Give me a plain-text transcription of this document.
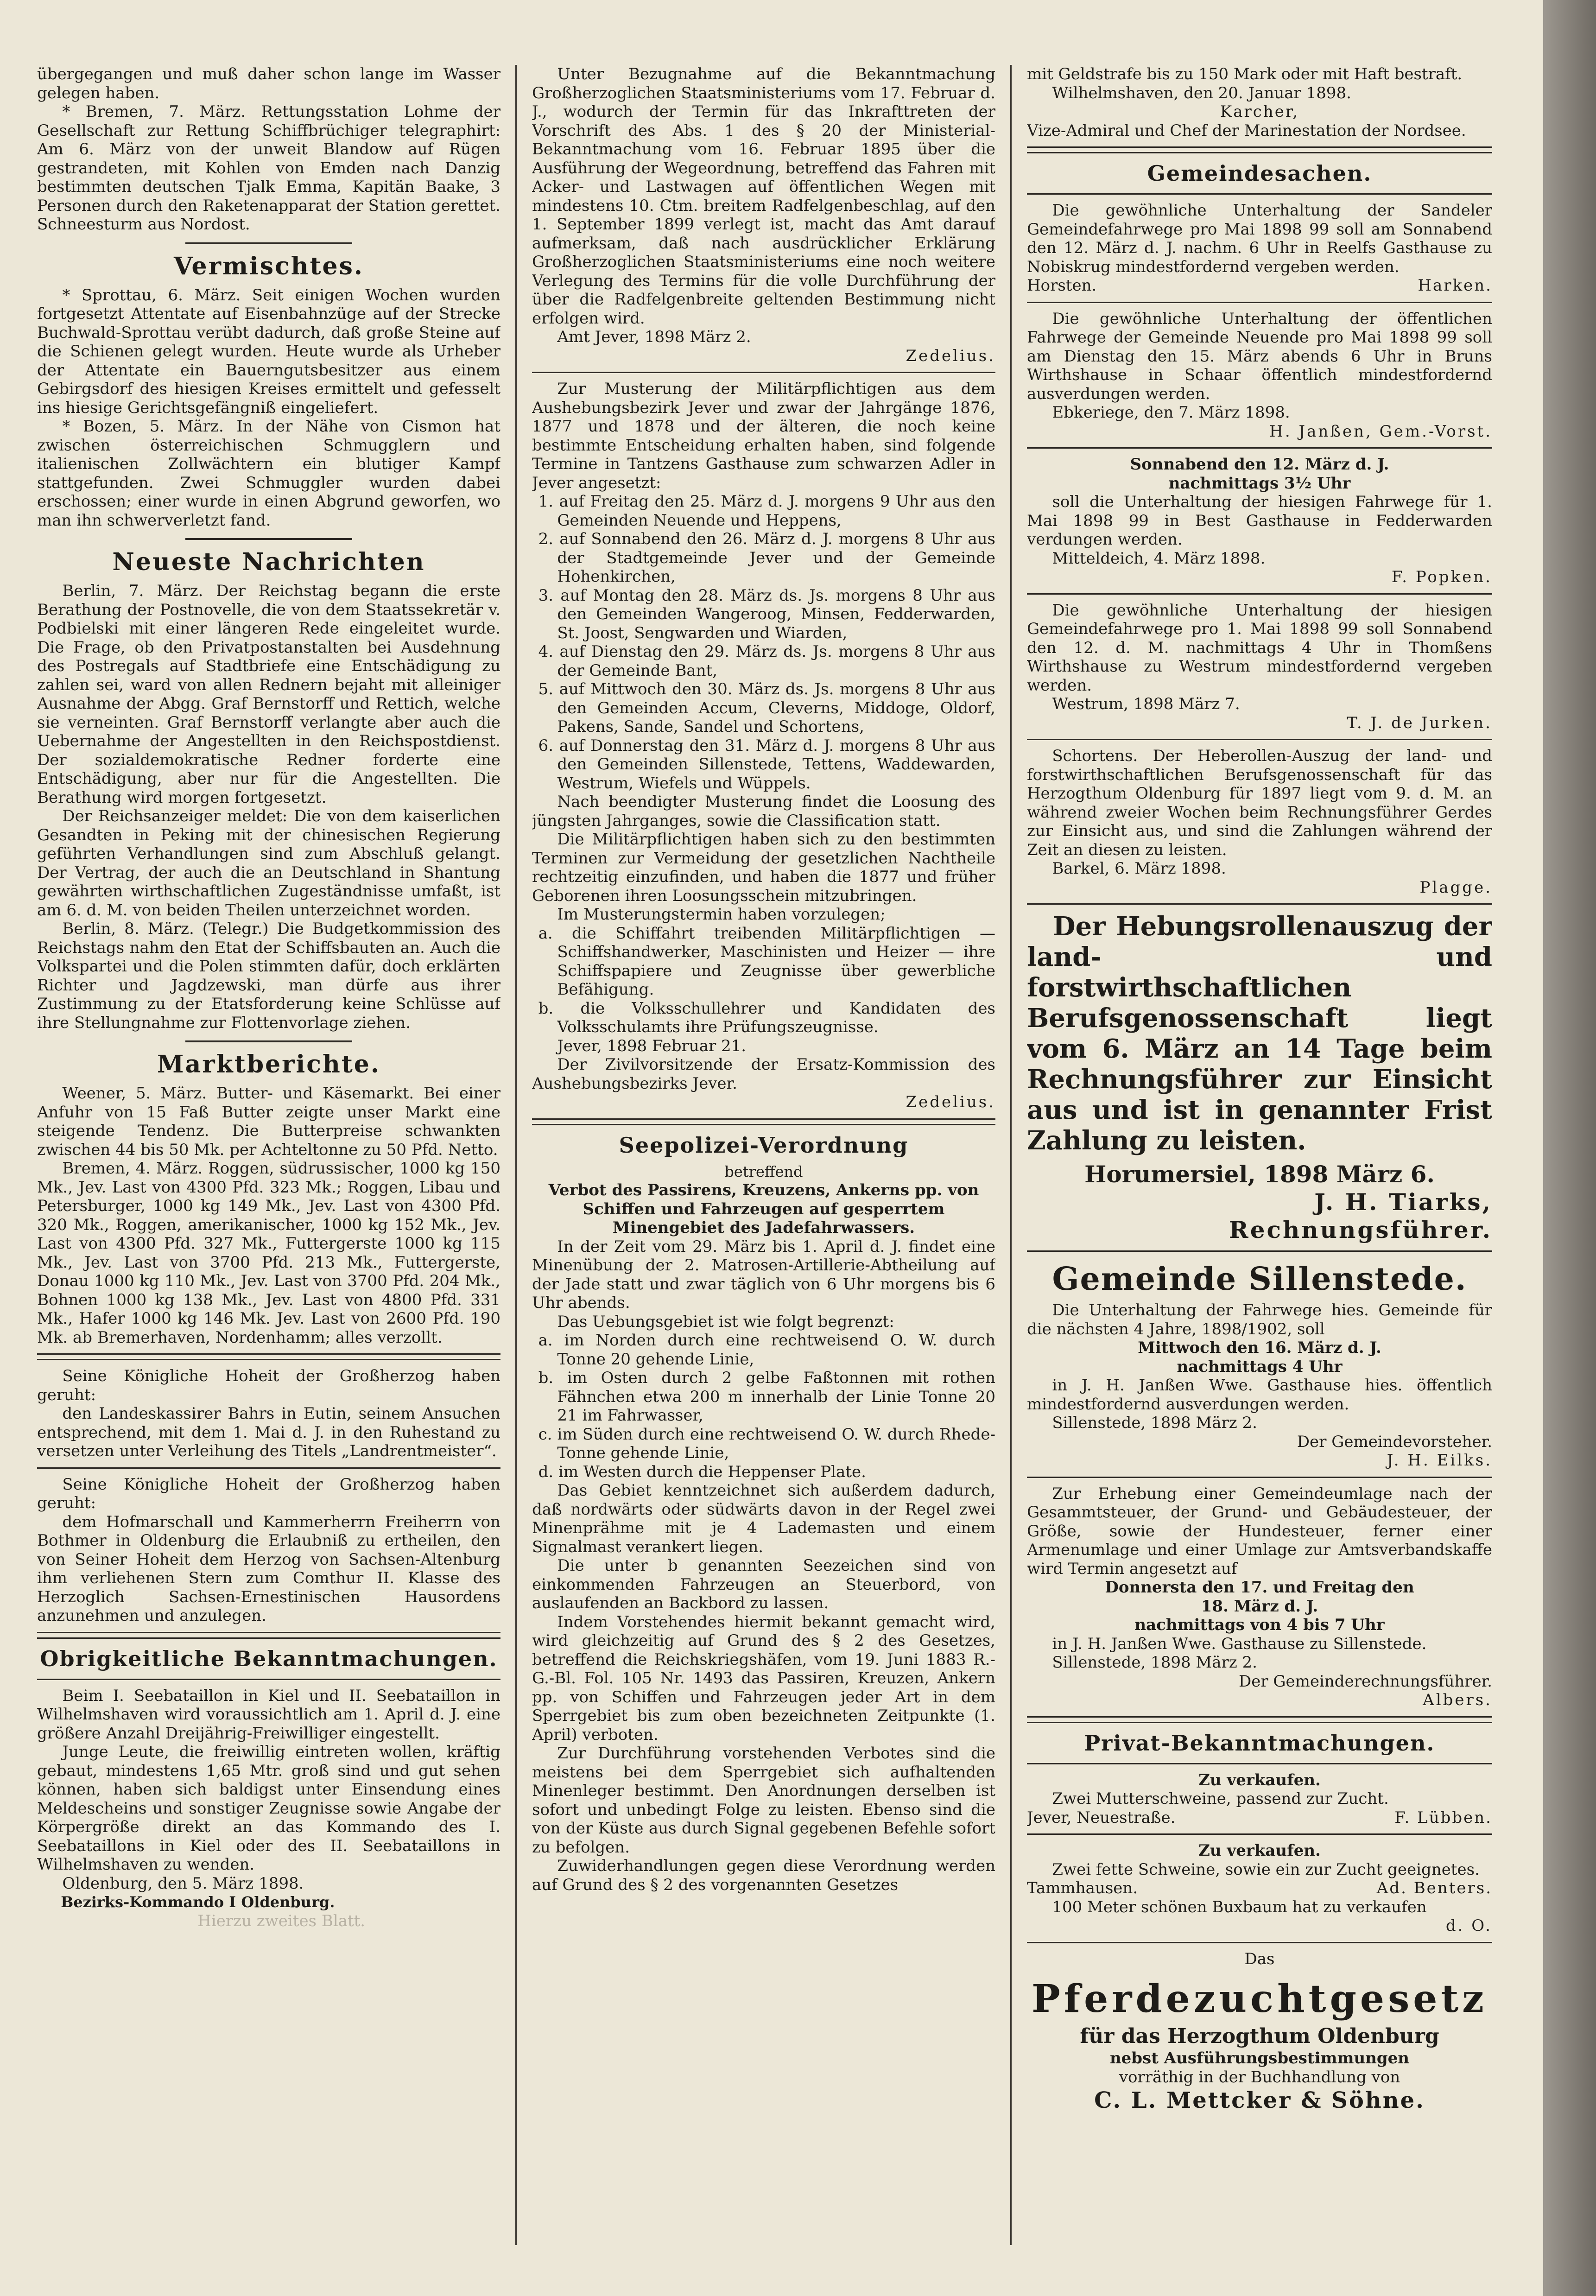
übergegangen und muß daher schon lange im Wasser gelegen haben.

* Bremen, 7. März. Rettungsstation Lohme der Gesellschaft zur Rettung Schiffbrüchiger telegraphirt: Am 6. März von der unweit Blandow auf Rügen gestrandeten, mit Kohlen von Emden nach Danzig bestimmten deutschen Tjalk Emma, Kapitän Baake, 3 Personen durch den Raketenapparat der Station gerettet. Schneesturm aus Nordost.

Vermischtes.

* Sprottau, 6. März. Seit einigen Wochen wurden fortgesetzt Attentate auf Eisenbahnzüge auf der Strecke Buchwald-Sprottau verübt dadurch, daß große Steine auf die Schienen gelegt wurden. Heute wurde als Urheber der Attentate ein Bauerngutsbesitzer aus einem Gebirgsdorf des hiesigen Kreises ermittelt und gefesselt ins hiesige Gerichtsgefängniß eingeliefert.

* Bozen, 5. März. In der Nähe von Cismon hat zwischen österreichischen Schmugglern und italienischen Zollwächtern ein blutiger Kampf stattgefunden. Zwei Schmuggler wurden dabei erschossen; einer wurde in einen Abgrund geworfen, wo man ihn schwerverletzt fand.

Neueste Nachrichten

Berlin, 7. März. Der Reichstag begann die erste Berathung der Postnovelle, die von dem Staatssekretär v. Podbielski mit einer längeren Rede eingeleitet wurde. Die Frage, ob den Privatpostanstalten bei Ausdehnung des Postregals auf Stadtbriefe eine Entschädigung zu zahlen sei, ward von allen Rednern bejaht mit alleiniger Ausnahme der Abgg. Graf Bernstorff und Rettich, welche sie verneinten. Graf Bernstorff verlangte aber auch die Uebernahme der Angestellten in den Reichspostdienst. Der sozialdemokratische Redner forderte eine Entschädigung, aber nur für die Angestellten. Die Berathung wird morgen fortgesetzt.

Der Reichsanzeiger meldet: Die von dem kaiserlichen Gesandten in Peking mit der chinesischen Regierung geführten Verhandlungen sind zum Abschluß gelangt. Der Vertrag, der auch die an Deutschland in Shantung gewährten wirthschaftlichen Zugeständnisse umfaßt, ist am 6. d. M. von beiden Theilen unterzeichnet worden.

Berlin, 8. März. (Telegr.) Die Budgetkommission des Reichstags nahm den Etat der Schiffsbauten an. Auch die Volkspartei und die Polen stimmten dafür, doch erklärten Richter und Jagdzewski, man dürfe aus ihrer Zustimmung zu der Etatsforderung keine Schlüsse auf ihre Stellungnahme zur Flottenvorlage ziehen.

Marktberichte.

Weener, 5. März. Butter- und Käsemarkt. Bei einer Anfuhr von 15 Faß Butter zeigte unser Markt eine steigende Tendenz. Die Butterpreise schwankten zwischen 44 bis 50 Mk. per Achteltonne zu 50 Pfd. Netto.

Bremen, 4. März. Roggen, südrussischer, 1000 kg 150 Mk., Jev. Last von 4300 Pfd. 323 Mk.; Roggen, Libau und Petersburger, 1000 kg 149 Mk., Jev. Last von 4300 Pfd. 320 Mk., Roggen, amerikanischer, 1000 kg 152 Mk., Jev. Last von 4300 Pfd. 327 Mk., Futtergerste 1000 kg 115 Mk., Jev. Last von 3700 Pfd. 213 Mk., Futtergerste, Donau 1000 kg 110 Mk., Jev. Last von 3700 Pfd. 204 Mk., Bohnen 1000 kg 138 Mk., Jev. Last von 4800 Pfd. 331 Mk., Hafer 1000 kg 146 Mk. Jev. Last von 2600 Pfd. 190 Mk. ab Bremerhaven, Nordenhamm; alles verzollt.

Seine Königliche Hoheit der Großherzog haben geruht:

den Landeskassirer Bahrs in Eutin, seinem Ansuchen entsprechend, mit dem 1. Mai d. J. in den Ruhestand zu versetzen unter Verleihung des Titels „Landrentmeister“.

Seine Königliche Hoheit der Großherzog haben geruht:

dem Hofmarschall und Kammerherrn Freiherrn von Bothmer in Oldenburg die Erlaubniß zu ertheilen, den von Seiner Hoheit dem Herzog von Sachsen-Altenburg ihm verliehenen Stern zum Comthur II. Klasse des Herzoglich Sachsen-Ernestinischen Hausordens anzunehmen und anzulegen.

Obrigkeitliche Bekanntmachungen.

Beim I. Seebataillon in Kiel und II. Seebataillon in Wilhelmshaven wird voraussichtlich am 1. April d. J. eine größere Anzahl Dreijährig-Freiwilliger eingestellt.

Junge Leute, die freiwillig eintreten wollen, kräftig gebaut, mindestens 1,65 Mtr. groß sind und gut sehen können, haben sich baldigst unter Einsendung eines Meldescheins und sonstiger Zeugnisse sowie Angabe der Körpergröße direkt an das Kommando des I. Seebataillons in Kiel oder des II. Seebataillons in Wilhelmshaven zu wenden.

Oldenburg, den 5. März 1898.

Bezirks-Kommando I Oldenburg.

Hierzu zweites Blatt.

Unter Bezugnahme auf die Bekanntmachung Großherzoglichen Staatsministeriums vom 17. Februar d. J., wodurch der Termin für das Inkrafttreten der Vorschrift des Abs. 1 des § 20 der Ministerial-Bekanntmachung vom 16. Februar 1895 über die Ausführung der Wegeordnung, betreffend das Fahren mit Acker- und Lastwagen auf öffentlichen Wegen mit mindestens 10. Ctm. breitem Radfelgenbeschlag, auf den 1. September 1899 verlegt ist, macht das Amt darauf aufmerksam, daß nach ausdrücklicher Erklärung Großherzoglichen Staatsministeriums eine noch weitere Verlegung des Termins für die volle Durchführung der über die Radfelgenbreite geltenden Bestimmung nicht erfolgen wird.

Amt Jever, 1898 März 2.

Zedelius.

Zur Musterung der Militärpflichtigen aus dem Aushebungsbezirk Jever und zwar der Jahrgänge 1876, 1877 und 1878 und der älteren, die noch keine bestimmte Entscheidung erhalten haben, sind folgende Termine in Tantzens Gasthause zum schwarzen Adler in Jever angesetzt:

1. auf Freitag den 25. März d. J. morgens 9 Uhr aus den Gemeinden Neuende und Heppens,

2. auf Sonnabend den 26. März d. J. morgens 8 Uhr aus der Stadtgemeinde Jever und der Gemeinde Hohenkirchen,

3. auf Montag den 28. März ds. Js. morgens 8 Uhr aus den Gemeinden Wangeroog, Minsen, Fedderwarden, St. Joost, Sengwarden und Wiarden,

4. auf Dienstag den 29. März ds. Js. morgens 8 Uhr aus der Gemeinde Bant,

5. auf Mittwoch den 30. März ds. Js. morgens 8 Uhr aus den Gemeinden Accum, Cleverns, Middoge, Oldorf, Pakens, Sande, Sandel und Schortens,

6. auf Donnerstag den 31. März d. J. morgens 8 Uhr aus den Gemeinden Sillenstede, Tettens, Waddewarden, Westrum, Wiefels und Wüppels.

Nach beendigter Musterung findet die Loosung des jüngsten Jahrganges, sowie die Classification statt.

Die Militärpflichtigen haben sich zu den bestimmten Terminen zur Vermeidung der gesetzlichen Nachtheile rechtzeitig einzufinden, und haben die 1877 und früher Geborenen ihren Loosungsschein mitzubringen.

Im Musterungstermin haben vorzulegen;

a. die Schiffahrt treibenden Militärpflichtigen — Schiffshandwerker, Maschinisten und Heizer — ihre Schiffspapiere und Zeugnisse über gewerbliche Befähigung.

b. die Volksschullehrer und Kandidaten des Volksschulamts ihre Prüfungszeugnisse.

Jever, 1898 Februar 21.

Der Zivilvorsitzende der Ersatz-Kommission des Aushebungsbezirks Jever.

Zedelius.

Seepolizei-Verordnung

betreffend

Verbot des Passirens, Kreuzens, Ankerns pp. von Schiffen und Fahrzeugen auf gesperrtem Minengebiet des Jadefahrwassers.

In der Zeit vom 29. März bis 1. April d. J. findet eine Minenübung der 2. Matrosen-Artillerie-Abtheilung auf der Jade statt und zwar täglich von 6 Uhr morgens bis 6 Uhr abends.

Das Uebungsgebiet ist wie folgt begrenzt:

a. im Norden durch eine rechtweisend O. W. durch Tonne 20 gehende Linie,

b. im Osten durch 2 gelbe Faßtonnen mit rothen Fähnchen etwa 200 m innerhalb der Linie Tonne 20 21 im Fahrwasser,

c. im Süden durch eine rechtweisend O. W. durch Rhede-Tonne gehende Linie,

d. im Westen durch die Heppenser Plate.

Das Gebiet kenntzeichnet sich außerdem dadurch, daß nordwärts oder südwärts davon in der Regel zwei Minenprähme mit je 4 Lademasten und einem Signalmast verankert liegen.

Die unter b genannten Seezeichen sind von einkommenden Fahrzeugen an Steuerbord, von auslaufenden an Backbord zu lassen.

Indem Vorstehendes hiermit bekannt gemacht wird, wird gleichzeitig auf Grund des § 2 des Gesetzes, betreffend die Reichskriegshäfen, vom 19. Juni 1883 R.-G.-Bl. Fol. 105 Nr. 1493 das Passiren, Kreuzen, Ankern pp. von Schiffen und Fahrzeugen jeder Art in dem Sperrgebiet bis zum oben bezeichneten Zeitpunkte (1. April) verboten.

Zur Durchführung vorstehenden Verbotes sind die meistens bei dem Sperrgebiet sich aufhaltenden Minenleger bestimmt. Den Anordnungen derselben ist sofort und unbedingt Folge zu leisten. Ebenso sind die von der Küste aus durch Signal gegebenen Befehle sofort zu befolgen.

Zuwiderhandlungen gegen diese Verordnung werden auf Grund des § 2 des vorgenannten Gesetzes

mit Geldstrafe bis zu 150 Mark oder mit Haft bestraft.

Wilhelmshaven, den 20. Januar 1898.

Karcher,

Vize-Admiral und Chef der Marinestation der Nordsee.

Gemeindesachen.

Die gewöhnliche Unterhaltung der Sandeler Gemeindefahrwege pro Mai 1898 99 soll am Sonnabend den 12. März d. J. nachm. 6 Uhr in Reelfs Gasthause zu Nobiskrug mindestfordernd vergeben werden.

Horsten.	Harken.

Die gewöhnliche Unterhaltung der öffentlichen Fahrwege der Gemeinde Neuende pro Mai 1898 99 soll am Dienstag den 15. März abends 6 Uhr in Bruns Wirthshause in Schaar öffentlich mindestfordernd ausverdungen werden.

Ebkeriege, den 7. März 1898.

H. Janßen, Gem.-Vorst.

Sonnabend den 12. März d. J.

nachmittags 3½ Uhr

soll die Unterhaltung der hiesigen Fahrwege für 1. Mai 1898 99 in Best Gasthause in Fedderwarden verdungen werden.

Mitteldeich, 4. März 1898.

F. Popken.

Die gewöhnliche Unterhaltung der hiesigen Gemeindefahrwege pro 1. Mai 1898 99 soll Sonnabend den 12. d. M. nachmittags 4 Uhr in Thomßens Wirthshause zu Westrum mindestfordernd vergeben werden.

Westrum, 1898 März 7.

T. J. de Jurken.

Schortens. Der Heberollen-Auszug der land- und forstwirthschaftlichen Berufsgenossenschaft für das Herzogthum Oldenburg für 1897 liegt vom 9. d. M. an während zweier Wochen beim Rechnungsführer Gerdes zur Einsicht aus, und sind die Zahlungen während der Zeit an diesen zu leisten.

Barkel, 6. März 1898.

Plagge.

Der Hebungsrollenauszug der land- und forstwirthschaftlichen Berufsgenossenschaft liegt vom 6. März an 14 Tage beim Rechnungsführer zur Einsicht aus und ist in genannter Frist Zahlung zu leisten.

Horumersiel, 1898 März 6.

J. H. Tiarks,

Rechnungsführer.

Gemeinde Sillenstede.

Die Unterhaltung der Fahrwege hies. Gemeinde für die nächsten 4 Jahre, 1898/1902, soll

Mittwoch den 16. März d. J.

nachmittags 4 Uhr

in J. H. Janßen Wwe. Gasthause hies. öffentlich mindestfordernd ausverdungen werden.

Sillenstede, 1898 März 2.

Der Gemeindevorsteher.

J. H. Eilks.

Zur Erhebung einer Gemeindeumlage nach der Gesammtsteuer, der Grund- und Gebäudesteuer, der Größe, sowie der Hundesteuer, ferner einer Armenumlage und einer Umlage zur Amtsverbandskaffe wird Termin angesetzt auf

Donnersta den 17. und Freitag den

18. März d. J.

nachmittags von 4 bis 7 Uhr

in J. H. Janßen Wwe. Gasthause zu Sillenstede.

Sillenstede, 1898 März 2.

Der Gemeinderechnungsführer.

Albers.

Privat-Bekanntmachungen.

Zu verkaufen.

Zwei Mutterschweine, passend zur Zucht.

Jever, Neuestraße.	F. Lübben.

Zu verkaufen.

Zwei fette Schweine, sowie ein zur Zucht geeignetes.

Tammhausen.	Ad. Benters.

100 Meter schönen Buxbaum hat zu verkaufen

d. O.

Das

Pferdezuchtgesetz

für das Herzogthum Oldenburg

nebst Ausführungsbestimmungen

vorräthig in der Buchhandlung von

C. L. Mettcker & Söhne.
